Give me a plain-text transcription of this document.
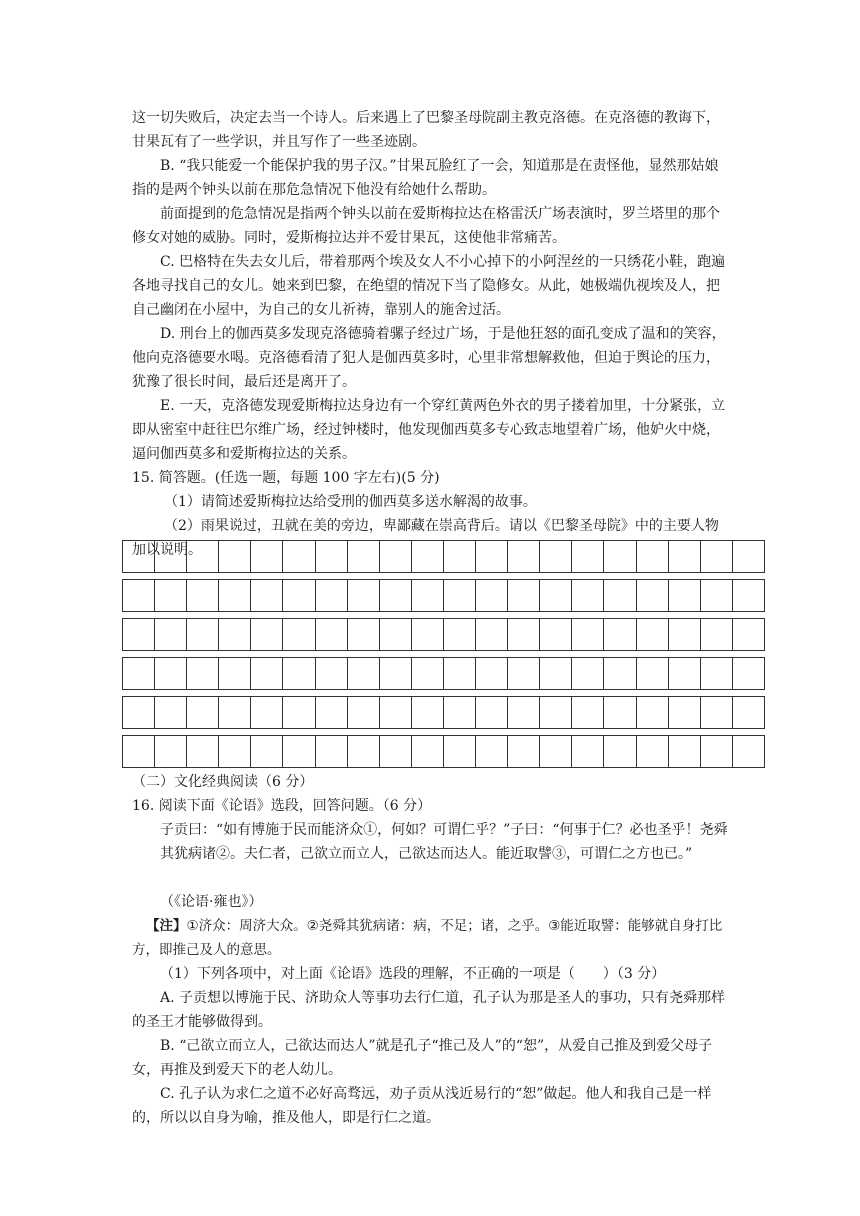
这一切失败后，决定去当一个诗人。后来遇上了巴黎圣母院副主教克洛德。在克洛德的教诲下，甘果瓦有了一些学识，并且写作了一些圣迹剧。
B. “我只能爱一个能保护我的男子汉。”甘果瓦脸红了一会，知道那是在责怪他，显然那姑娘指的是两个钟头以前在那危急情况下他没有给她什么帮助。
前面提到的危急情况是指两个钟头以前在爱斯梅拉达在格雷沃广场表演时，罗兰塔里的那个修女对她的威胁。同时，爱斯梅拉达并不爱甘果瓦，这使他非常痛苦。
C. 巴格特在失去女儿后，带着那两个埃及女人不小心掉下的小阿涅丝的一只绣花小鞋，跑遍各地寻找自己的女儿。她来到巴黎，在绝望的情况下当了隐修女。从此，她极端仇视埃及人，把自己幽闭在小屋中，为自己的女儿祈祷，靠别人的施舍过活。
D. 刑台上的伽西莫多发现克洛德骑着骡子经过广场，于是他狂怒的面孔变成了温和的笑容，他向克洛德要水喝。克洛德看清了犯人是伽西莫多时，心里非常想解救他，但迫于舆论的压力，犹豫了很长时间，最后还是离开了。
E. 一天，克洛德发现爱斯梅拉达身边有一个穿红黄两色外衣的男子搂着加里，十分紧张，立即从密室中赶往巴尔维广场，经过钟楼时，他发现伽西莫多专心致志地望着广场，他妒火中烧，逼问伽西莫多和爱斯梅拉达的关系。
15. 简答题。(任选一题，每题 100 字左右)(5 分)
（1）请简述爱斯梅拉达给受刑的伽西莫多送水解渴的故事。
（2）雨果说过，丑就在美的旁边，卑鄙藏在崇高背后。请以《巴黎圣母院》中的主要人物加以说明。
（二）文化经典阅读（6 分）
16. 阅读下面《论语》选段，回答问题。（6 分）
子贡曰：“如有博施于民而能济众①，何如？可谓仁乎？”子曰：“何事于仁？必也圣乎！尧舜其犹病诸②。夫仁者，己欲立而立人，己欲达而达人。能近取譬③，可谓仁之方也已。”
（《论语·雍也》）
【注】①济众：周济大众。②尧舜其犹病诸：病，不足；诸，之乎。③能近取譬：能够就自身打比方，即推己及人的意思。
（1）下列各项中，对上面《论语》选段的理解，不正确的一项是（　　）（3 分）
A. 子贡想以博施于民、济助众人等事功去行仁道，孔子认为那是圣人的事功，只有尧舜那样的圣王才能够做得到。
B. “己欲立而立人，己欲达而达人”就是孔子“推己及人”的“恕”，从爱自己推及到爱父母子女，再推及到爱天下的老人幼儿。
C. 孔子认为求仁之道不必好高骛远，劝子贡从浅近易行的“恕”做起。他人和我自己是一样的，所以以自身为喻，推及他人，即是行仁之道。
